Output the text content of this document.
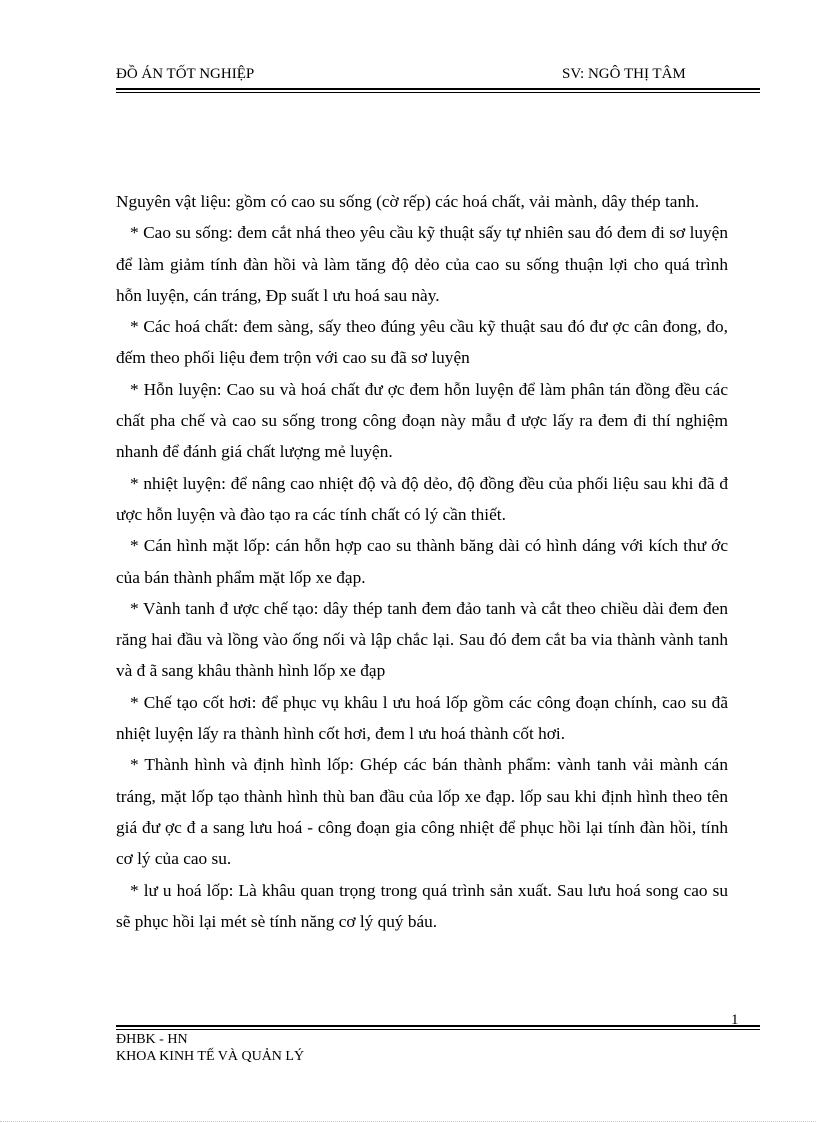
ĐỒ ÁN TỐT NGHIỆP	SV: NGÔ THỊ TÂM

Nguyên vật liệu: gồm có cao su sống (cờ rếp) các hoá chất, vải mành, dây thép tanh.

* Cao su sống: đem cắt nhá theo yêu cầu kỹ thuật sấy tự nhiên sau đó đem đi sơ luyện để làm giảm tính đàn hồi và làm tăng độ dẻo của cao su sống thuận lợi cho quá trình hỗn luyện, cán tráng, Đp suất l ưu hoá sau này.

* Các hoá chất: đem sàng, sấy theo đúng yêu cầu kỹ thuật sau đó đư ợc cân đong, đo, đếm theo phối liệu đem trộn với cao su đã sơ luyện

* Hỗn luyện: Cao su và hoá chất đư ợc đem hỗn luyện để làm phân tán đồng đều các chất pha chế và cao su sống trong công đoạn này mẫu đ ược lấy ra đem đi thí nghiệm nhanh để đánh giá chất lượng mẻ luyện.

* nhiệt luyện: để nâng cao nhiệt độ và độ dẻo, độ đồng đều của phối liệu sau khi đã đ ược hỗn luyện và đào tạo ra các tính chất có lý cần thiết.

* Cán hình mặt lốp: cán hỗn hợp cao su thành băng dài có hình dáng với kích thư ớc của bán thành phẩm mặt lốp xe đạp.

* Vành tanh đ ược chế tạo: dây thép tanh đem đảo tanh và cắt theo chiều dài đem đen răng hai đầu và lồng vào ống nối và lập chắc lại. Sau đó đem cắt ba via thành vành tanh và đ ã sang khâu thành hình lốp xe đạp

* Chế tạo cốt hơi: để phục vụ khâu l ưu hoá lốp gồm các công đoạn chính, cao su đã nhiệt luyện lấy ra thành hình cốt hơi, đem l ưu hoá thành cốt hơi.

* Thành hình và định hình lốp: Ghép các bán thành phẩm: vành tanh vải mành cán tráng, mặt lốp tạo thành hình thù ban đầu của lốp xe đạp. lốp sau khi định hình theo tên giá đư ợc đ a sang lưu hoá - công đoạn gia công nhiệt để phục hồi lại tính đàn hồi, tính cơ lý của cao su.

* lư u hoá lốp: Là khâu quan trọng trong quá trình sản xuất. Sau lưu hoá song cao su sẽ phục hồi lại mét sè tính năng cơ lý quý báu.

1
ĐHBK - HN
KHOA KINH TẾ VÀ QUẢN LÝ
